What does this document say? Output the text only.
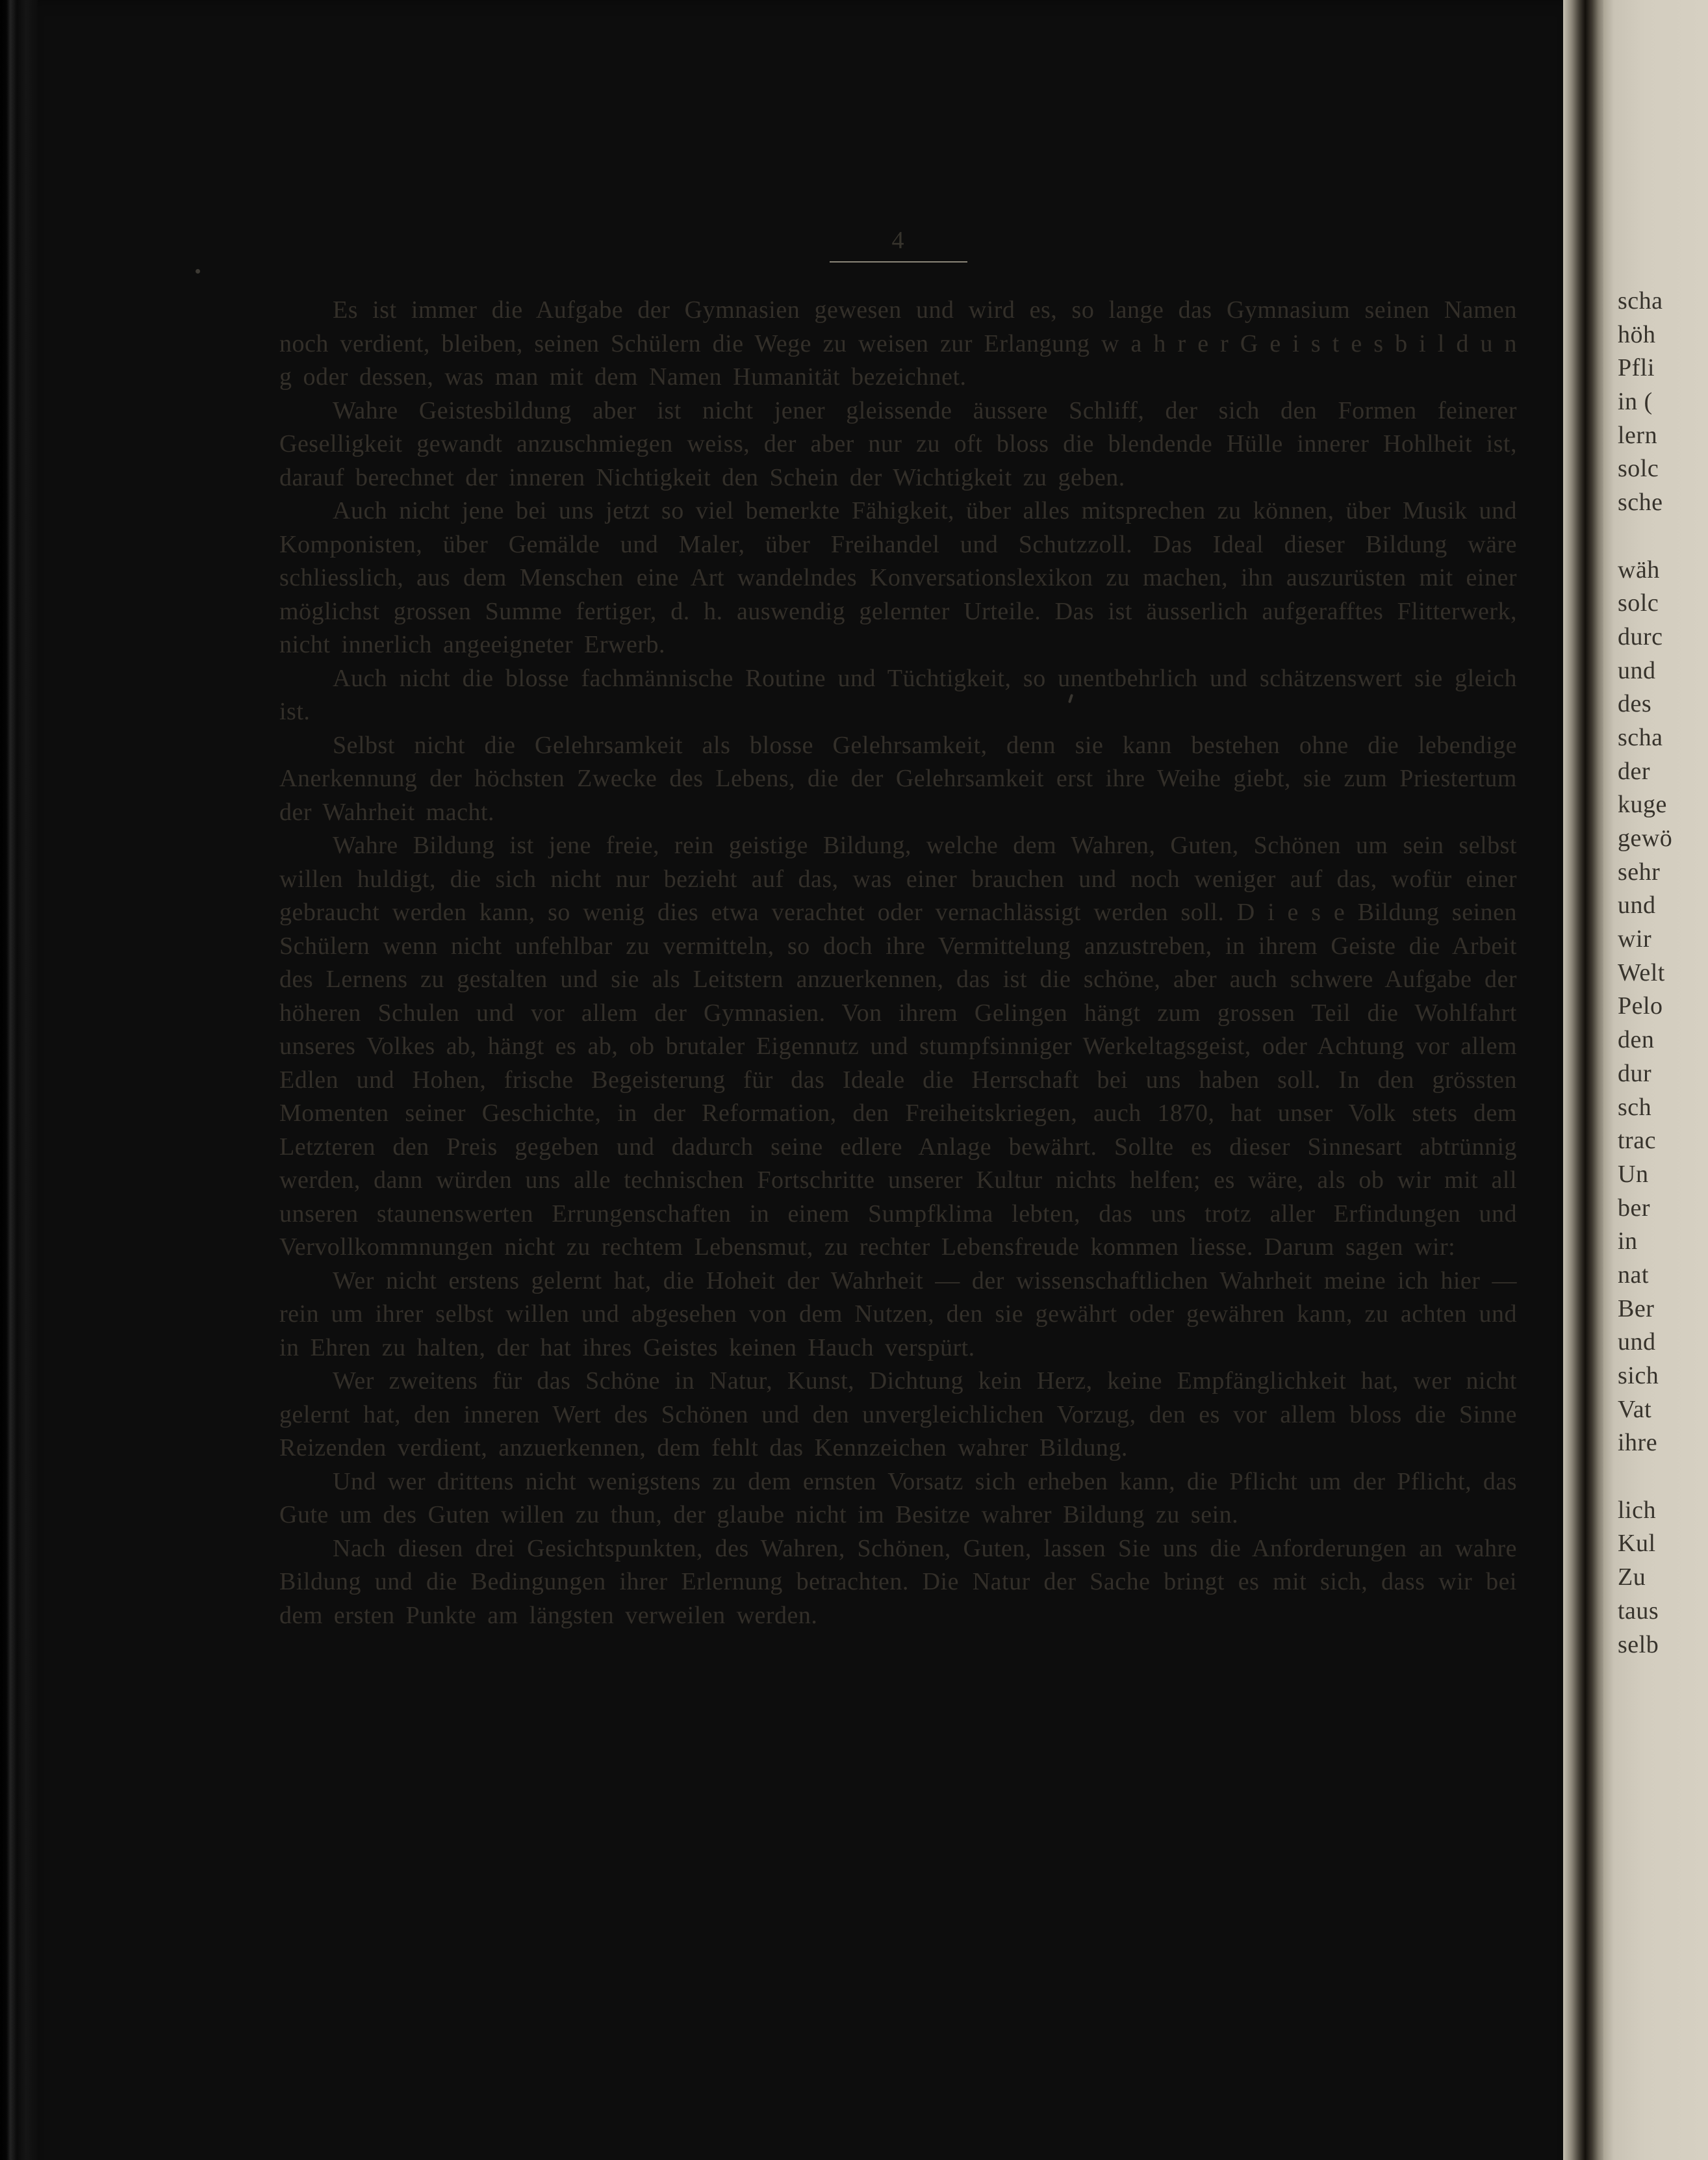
4
Es ist immer die Aufgabe der Gymnasien gewesen und wird es, so lange das Gymnasium seinen Namen noch verdient, bleiben, seinen Schülern die Wege zu weisen zur Erlangung w a h r e r G e i s t e s b i l d u n g oder dessen, was man mit dem Namen Humanität bezeichnet.
Wahre Geistesbildung aber ist nicht jener gleissende äussere Schliff, der sich den Formen feinerer Geselligkeit gewandt anzuschmiegen weiss, der aber nur zu oft bloss die blendende Hülle innerer Hohlheit ist, darauf berechnet der inneren Nichtigkeit den Schein der Wichtigkeit zu geben.
Auch nicht jene bei uns jetzt so viel bemerkte Fähigkeit, über alles mitsprechen zu können, über Musik und Komponisten, über Gemälde und Maler, über Freihandel und Schutzzoll. Das Ideal dieser Bildung wäre schliesslich, aus dem Menschen eine Art wandelndes Konversationslexikon zu machen, ihn auszurüsten mit einer möglichst grossen Summe fertiger, d. h. auswendig gelernter Urteile. Das ist äusserlich aufgerafftes Flitterwerk, nicht innerlich angeeigneter Erwerb.
Auch nicht die blosse fachmännische Routine und Tüchtigkeit, so unentbehrlich und schätzenswert sie gleich ist.
Selbst nicht die Gelehrsamkeit als blosse Gelehrsamkeit, denn sie kann bestehen ohne die lebendige Anerkennung der höchsten Zwecke des Lebens, die der Gelehrsamkeit erst ihre Weihe giebt, sie zum Priestertum der Wahrheit macht.
Wahre Bildung ist jene freie, rein geistige Bildung, welche dem Wahren, Guten, Schönen um sein selbst willen huldigt, die sich nicht nur bezieht auf das, was einer brauchen und noch weniger auf das, wofür einer gebraucht werden kann, so wenig dies etwa verachtet oder vernachlässigt werden soll. D i e s e Bildung seinen Schülern wenn nicht unfehlbar zu vermitteln, so doch ihre Vermittelung anzustreben, in ihrem Geiste die Arbeit des Lernens zu gestalten und sie als Leitstern anzuerkennen, das ist die schöne, aber auch schwere Aufgabe der höheren Schulen und vor allem der Gymnasien. Von ihrem Gelingen hängt zum grossen Teil die Wohlfahrt unseres Volkes ab, hängt es ab, ob brutaler Eigennutz und stumpfsinniger Werkeltagsgeist, oder Achtung vor allem Edlen und Hohen, frische Begeisterung für das Ideale die Herrschaft bei uns haben soll. In den grössten Momenten seiner Geschichte, in der Reformation, den Freiheitskriegen, auch 1870, hat unser Volk stets dem Letzteren den Preis gegeben und dadurch seine edlere Anlage bewährt. Sollte es dieser Sinnesart abtrünnig werden, dann würden uns alle technischen Fortschritte unserer Kultur nichts helfen; es wäre, als ob wir mit all unseren staunenswerten Errungenschaften in einem Sumpfklima lebten, das uns trotz aller Erfindungen und Vervollkommnungen nicht zu rechtem Lebensmut, zu rechter Lebensfreude kommen liesse. Darum sagen wir:
Wer nicht erstens gelernt hat, die Hoheit der Wahrheit — der wissenschaftlichen Wahrheit meine ich hier — rein um ihrer selbst willen und abgesehen von dem Nutzen, den sie gewährt oder gewähren kann, zu achten und in Ehren zu halten, der hat ihres Geistes keinen Hauch verspürt.
Wer zweitens für das Schöne in Natur, Kunst, Dichtung kein Herz, keine Empfänglichkeit hat, wer nicht gelernt hat, den inneren Wert des Schönen und den unvergleichlichen Vorzug, den es vor allem bloss die Sinne Reizenden verdient, anzuerkennen, dem fehlt das Kennzeichen wahrer Bildung.
Und wer drittens nicht wenigstens zu dem ernsten Vorsatz sich erheben kann, die Pflicht um der Pflicht, das Gute um des Guten willen zu thun, der glaube nicht im Besitze wahrer Bildung zu sein.
Nach diesen drei Gesichtspunkten, des Wahren, Schönen, Guten, lassen Sie uns die Anforderungen an wahre Bildung und die Bedingungen ihrer Erlernung betrachten. Die Natur der Sache bringt es mit sich, dass wir bei dem ersten Punkte am längsten verweilen werden.
scha
höh
Pfli
in (
lern
solc
sche
wäh
solc
durc
und
des
scha
der
kuge
gewö
sehr
und
wir
Welt
Pelo
den
dur
sch
trac
Un
ber
in
nat
Ber
und
sich
Vat
ihre
lich
Kul
Zu
taus
selb
